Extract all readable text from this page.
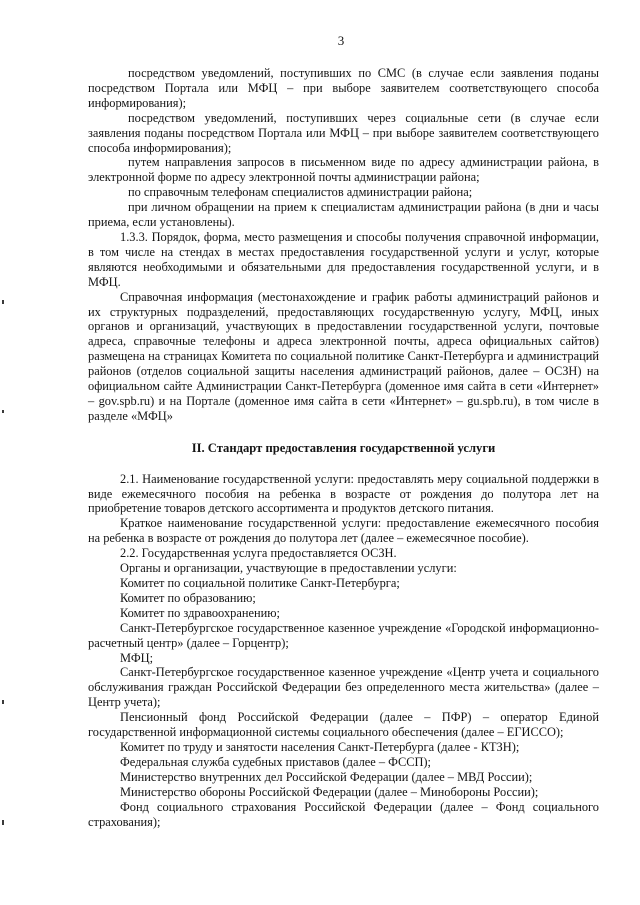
3

посредством уведомлений, поступивших по СМС (в случае если заявления поданы посредством Портала или МФЦ – при выборе заявителем соответствующего способа информирования);

посредством уведомлений, поступивших через социальные сети (в случае если заявления поданы посредством Портала или МФЦ – при выборе заявителем соответствующего способа информирования);

путем направления запросов в письменном виде по адресу администрации района, в электронной форме по адресу электронной почты администрации района;

по справочным телефонам специалистов администрации района;

при личном обращении на прием к специалистам администрации района (в дни и часы приема, если установлены).

1.3.3. Порядок, форма, место размещения и способы получения справочной информации, в том числе на стендах в местах предоставления государственной услуги и услуг, которые являются необходимыми и обязательными для предоставления государственной услуги, и в МФЦ.

Справочная информация (местонахождение и график работы администраций районов и их структурных подразделений, предоставляющих государственную услугу, МФЦ, иных органов и организаций, участвующих в предоставлении государственной услуги, почтовые адреса, справочные телефоны и адреса электронной почты, адреса официальных сайтов) размещена на страницах Комитета по социальной политике Санкт-Петербурга и администраций районов (отделов социальной защиты населения администраций районов, далее – ОСЗН) на официальном сайте Администрации Санкт-Петербурга (доменное имя сайта в сети «Интернет» – gov.spb.ru) и на Портале (доменное имя сайта в сети «Интернет» – gu.spb.ru), в том числе в разделе «МФЦ»

II. Стандарт предоставления государственной услуги

2.1. Наименование государственной услуги: предоставлять меру социальной поддержки в виде ежемесячного пособия на ребенка в возрасте от рождения до полутора лет на приобретение товаров детского ассортимента и продуктов детского питания.

Краткое наименование государственной услуги: предоставление ежемесячного пособия на ребенка в возрасте от рождения до полутора лет (далее – ежемесячное пособие).

2.2. Государственная услуга предоставляется ОСЗН.

Органы и организации, участвующие в предоставлении услуги:

Комитет по социальной политике Санкт-Петербурга;

Комитет по образованию;

Комитет по здравоохранению;

Санкт-Петербургское государственное казенное учреждение «Городской информационно-расчетный центр» (далее – Горцентр);

МФЦ;

Санкт-Петербургское государственное казенное учреждение «Центр учета и социального обслуживания граждан Российской Федерации без определенного места жительства» (далее – Центр учета);

Пенсионный фонд Российской Федерации (далее – ПФР) – оператор Единой государственной информационной системы социального обеспечения (далее – ЕГИССО);

Комитет по труду и занятости населения Санкт-Петербурга (далее - КТЗН);

Федеральная служба судебных приставов (далее – ФССП);

Министерство внутренних дел Российской Федерации (далее – МВД России);

Министерство обороны Российской Федерации (далее – Минобороны России);

Фонд социального страхования Российской Федерации (далее – Фонд социального страхования);
